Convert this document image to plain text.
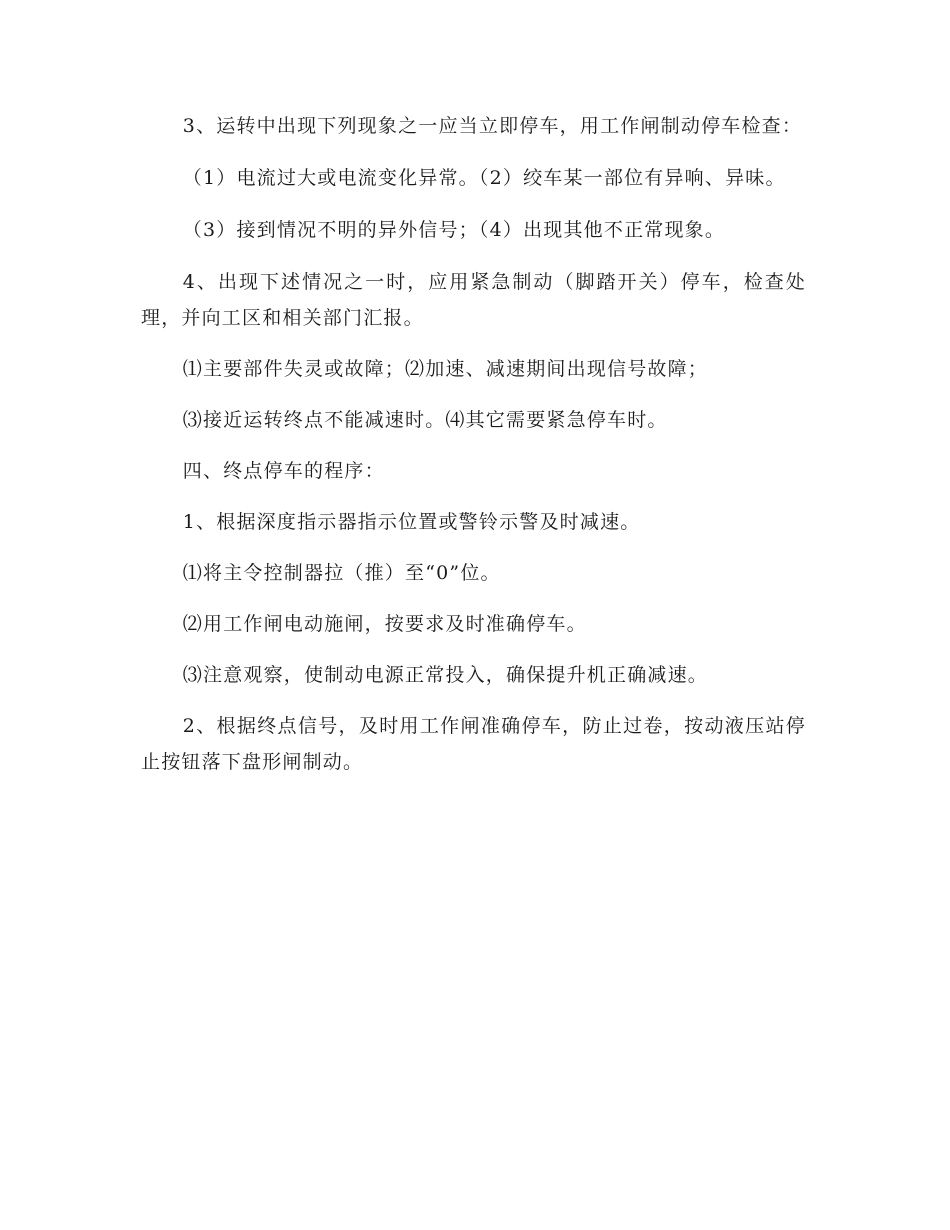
3、运转中出现下列现象之一应当立即停车，用工作闸制动停车检查：

（1）电流过大或电流变化异常。（2）绞车某一部位有异响、异味。

（3）接到情况不明的异外信号；（4）出现其他不正常现象。

4、出现下述情况之一时，应用紧急制动（脚踏开关）停车，检查处理，并向工区和相关部门汇报。

⑴主要部件失灵或故障；⑵加速、减速期间出现信号故障；

⑶接近运转终点不能减速时。⑷其它需要紧急停车时。

四、终点停车的程序：

1、根据深度指示器指示位置或警铃示警及时减速。

⑴将主令控制器拉（推）至“0”位。

⑵用工作闸电动施闸，按要求及时准确停车。

⑶注意观察，使制动电源正常投入，确保提升机正确减速。

2、根据终点信号，及时用工作闸准确停车，防止过卷，按动液压站停止按钮落下盘形闸制动。
